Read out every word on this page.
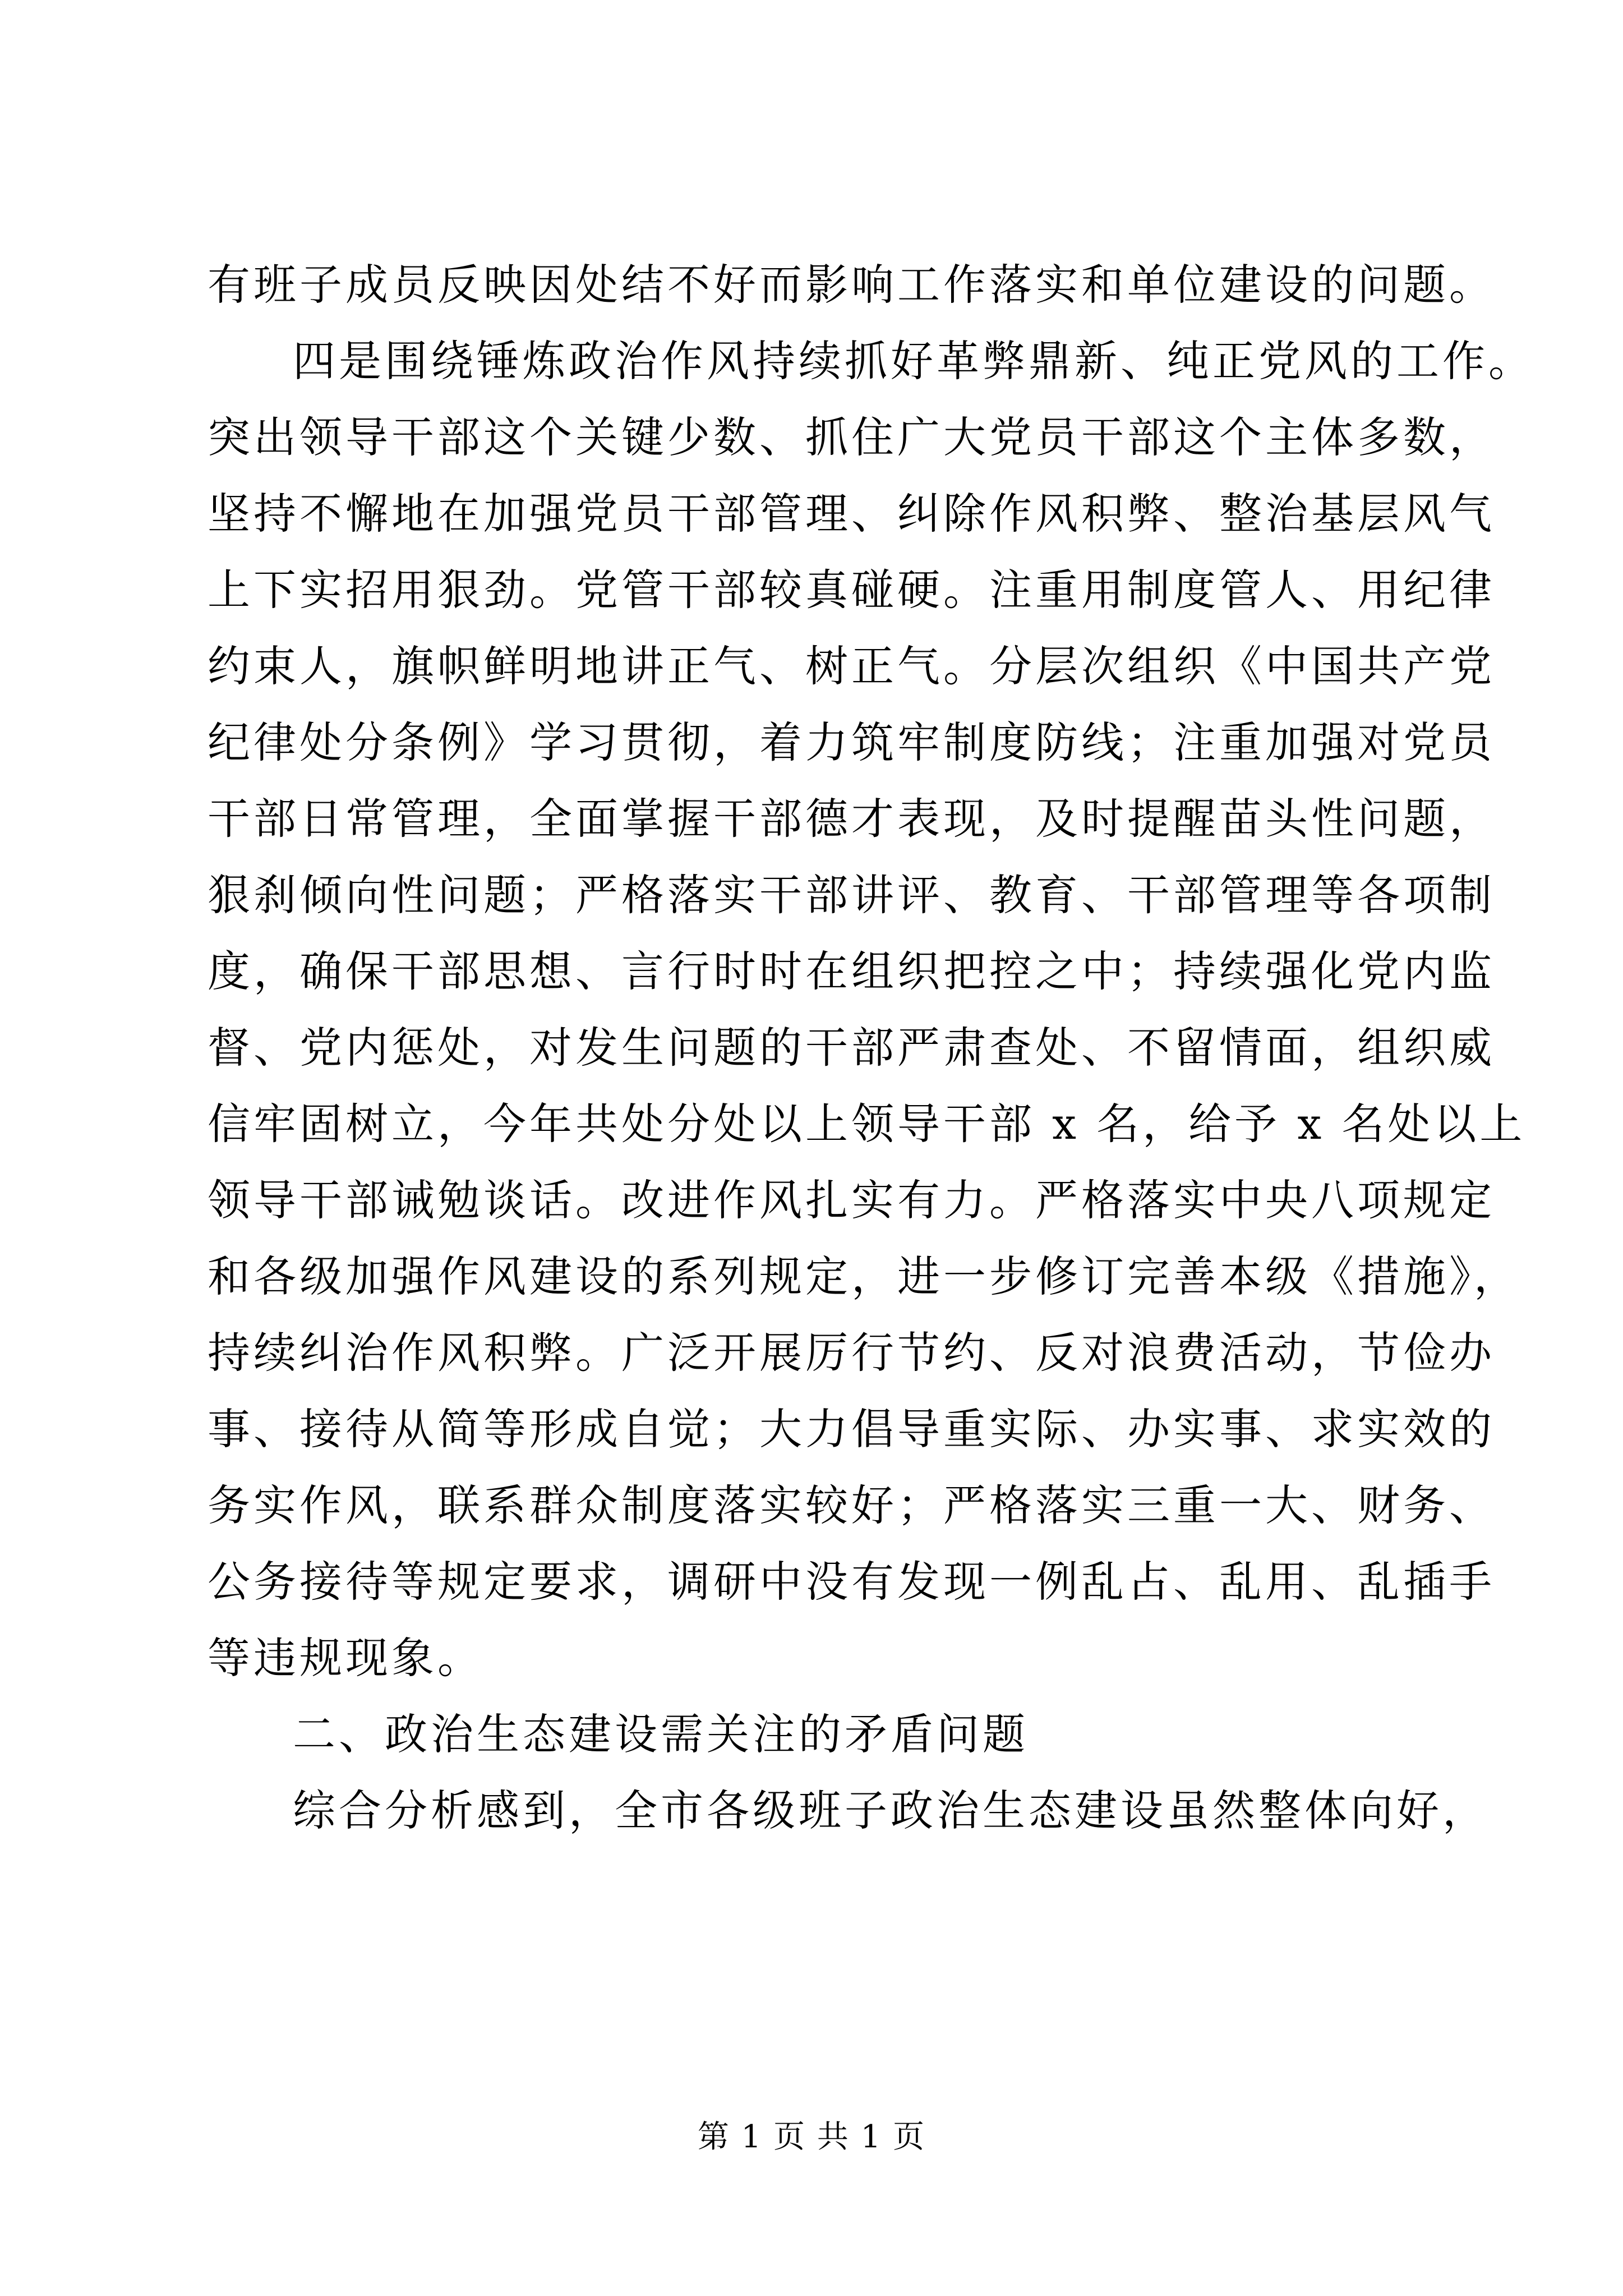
有班子成员反映因处结不好而影响工作落实和单位建设的问题。

四是围绕锤炼政治作风持续抓好革弊鼎新、纯正党风的工作。

突出领导干部这个关键少数、抓住广大党员干部这个主体多数，

坚持不懈地在加强党员干部管理、纠除作风积弊、整治基层风气

上下实招用狠劲。党管干部较真碰硬。注重用制度管人、用纪律

约束人，旗帜鲜明地讲正气、树正气。分层次组织《中国共产党

纪律处分条例》学习贯彻，着力筑牢制度防线；注重加强对党员

干部日常管理，全面掌握干部德才表现，及时提醒苗头性问题，

狠刹倾向性问题；严格落实干部讲评、教育、干部管理等各项制

度，确保干部思想、言行时时在组织把控之中；持续强化党内监

督、党内惩处，对发生问题的干部严肃查处、不留情面，组织威

信牢固树立，今年共处分处以上领导干部 x 名，给予 x 名处以上

领导干部诫勉谈话。改进作风扎实有力。严格落实中央八项规定

和各级加强作风建设的系列规定，进一步修订完善本级《措施》，

持续纠治作风积弊。广泛开展厉行节约、反对浪费活动，节俭办

事、接待从简等形成自觉；大力倡导重实际、办实事、求实效的

务实作风，联系群众制度落实较好；严格落实三重一大、财务、

公务接待等规定要求，调研中没有发现一例乱占、乱用、乱插手

等违规现象。

二、政治生态建设需关注的矛盾问题

综合分析感到，全市各级班子政治生态建设虽然整体向好，

第 1 页 共 1 页
